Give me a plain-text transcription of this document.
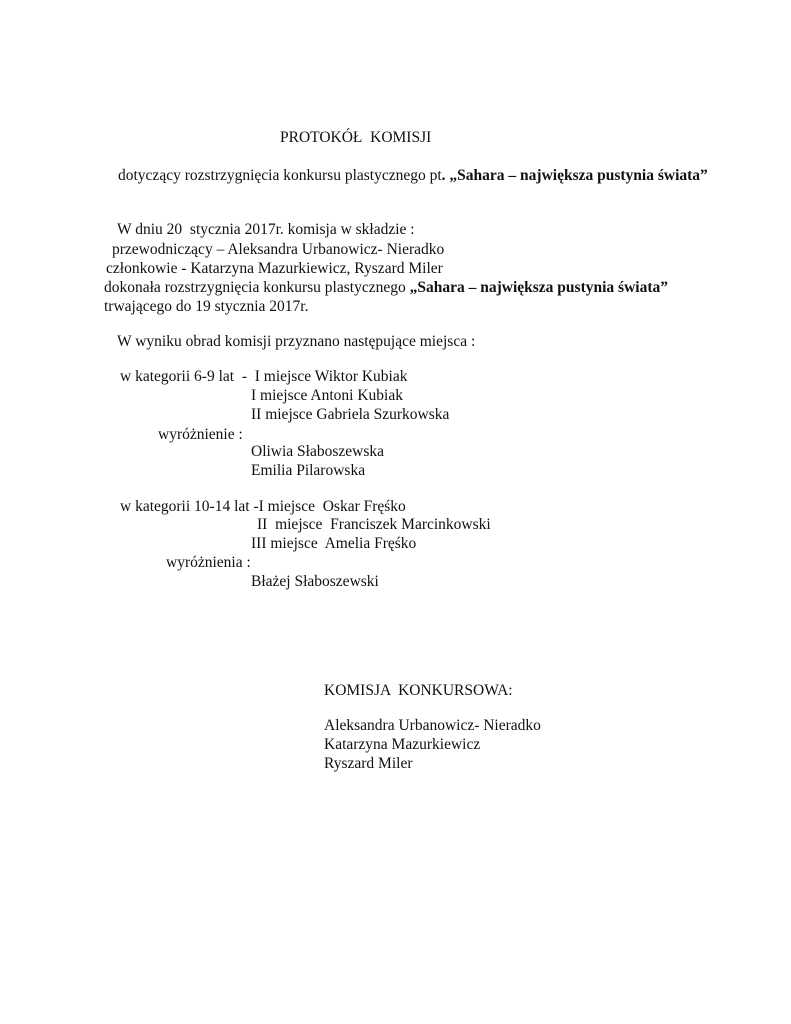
PROTOKÓŁ  KOMISJI
dotyczący rozstrzygnięcia konkursu plastycznego pt. „Sahara – największa pustynia świata”
W dniu 20  stycznia 2017r. komisja w składzie :
przewodniczący – Aleksandra Urbanowicz- Nieradko
członkowie - Katarzyna Mazurkiewicz, Ryszard Miler
dokonała rozstrzygnięcia konkursu plastycznego „Sahara – największa pustynia świata”
trwającego do 19 stycznia 2017r.
W wyniku obrad komisji przyznano następujące miejsca :
w kategorii 6-9 lat  -  I miejsce Wiktor Kubiak
I miejsce Antoni Kubiak
II miejsce Gabriela Szurkowska
wyróżnienie :
Oliwia Słaboszewska
Emilia Pilarowska
w kategorii 10-14 lat -I miejsce  Oskar Fręśko
II  miejsce  Franciszek Marcinkowski
III miejsce  Amelia Fręśko
wyróżnienia :
Błażej Słaboszewski
KOMISJA  KONKURSOWA:
Aleksandra Urbanowicz- Nieradko
Katarzyna Mazurkiewicz
Ryszard Miler
